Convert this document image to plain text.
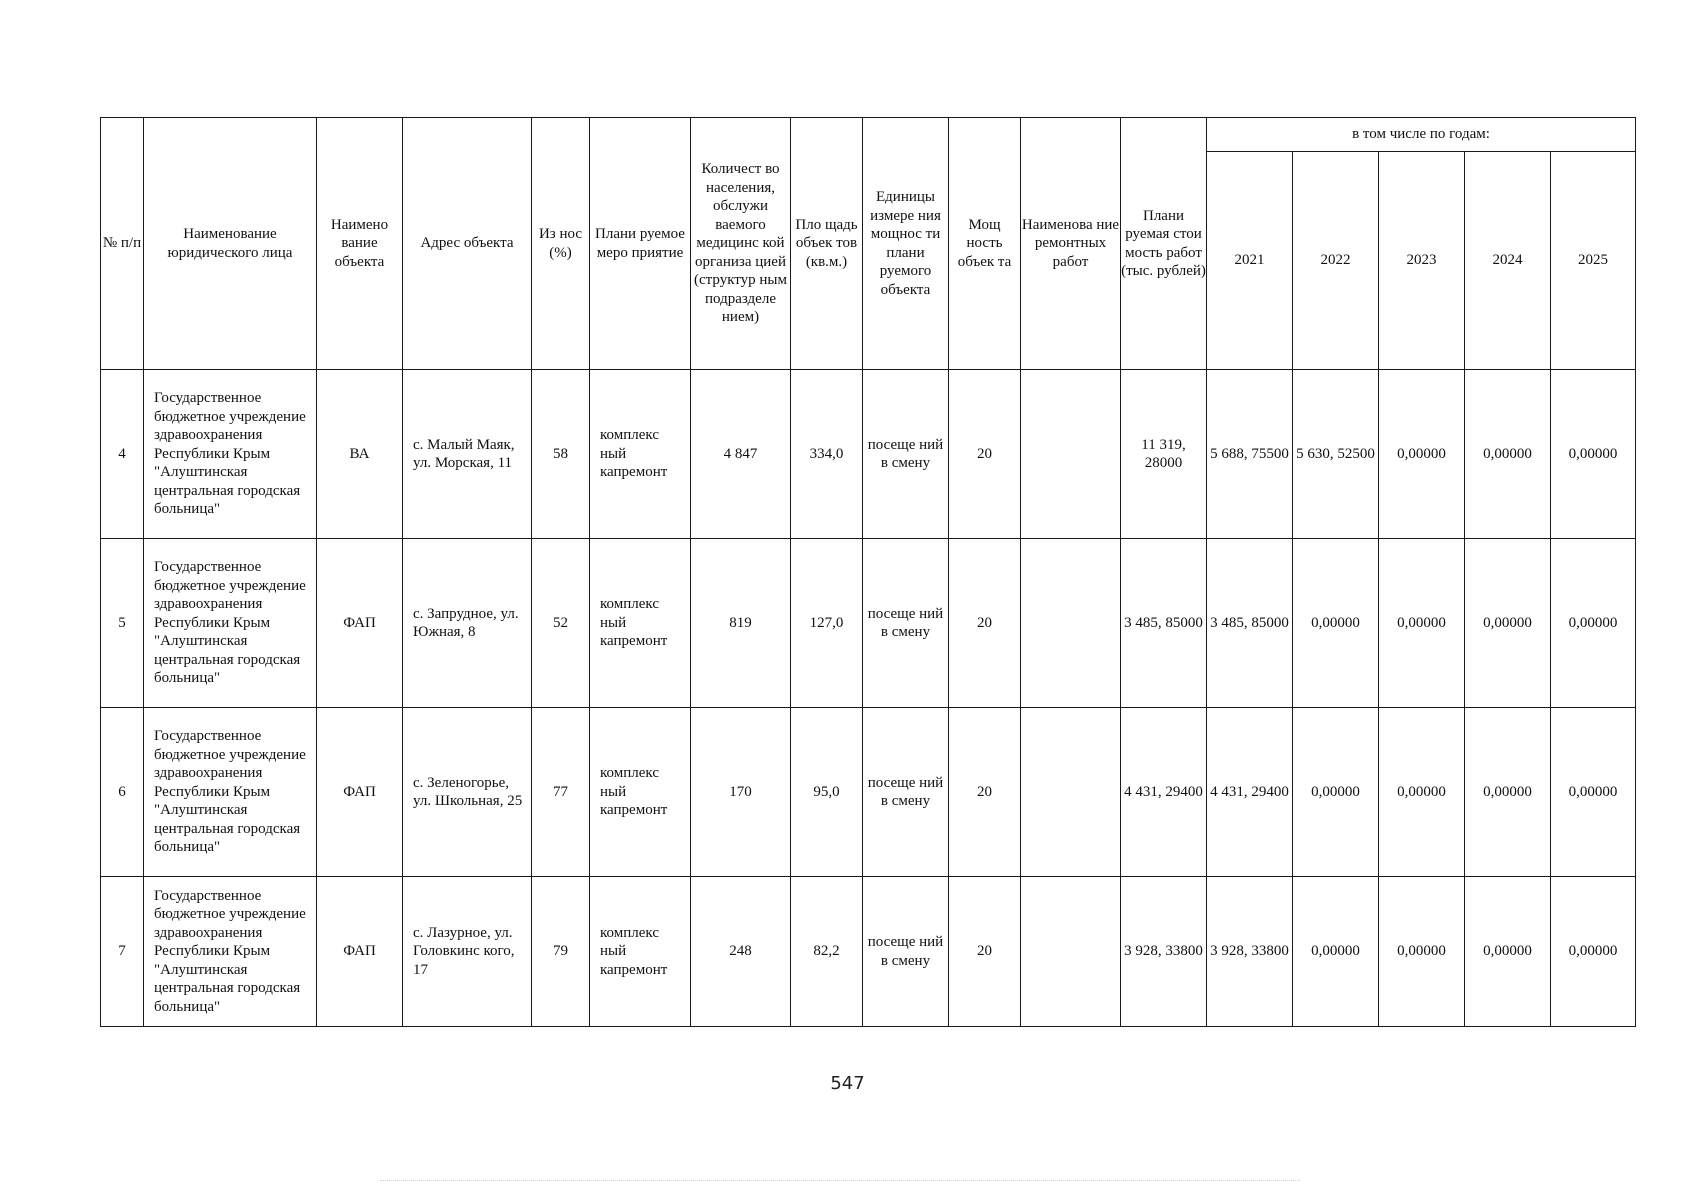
№ п/п	Наименование юридического лица	Наимено вание объекта	Адрес объекта	Из нос (%)	Плани руемое меро приятие	Количест во населения, обслужи ваемого медицинс кой организа цией (структур ным подразделе нием)	Пло щадь объек тов (кв.м.)	Единицы измере ния мощнос ти плани руемого объекта	Мощ ность объек та	Наименова ние ремонтных работ	Плани руемая стои мость работ (тыс. рублей)	в том числе по годам:				
												2021	2022	2023	2024	2025
4	Государственное бюджетное учреждение здравоохранения Республики Крым "Алуштинская центральная городская больница"	ВА	с. Малый Маяк, ул. Морская, 11	58	комплекс ный капремонт	4 847	334,0	посеще ний в смену	20		11 319, 28000	5 688, 75500	5 630, 52500	0,00000	0,00000	0,00000
5	Государственное бюджетное учреждение здравоохранения Республики Крым "Алуштинская центральная городская больница"	ФАП	с. Запрудное, ул. Южная, 8	52	комплекс ный капремонт	819	127,0	посеще ний в смену	20		3 485, 85000	3 485, 85000	0,00000	0,00000	0,00000	0,00000
6	Государственное бюджетное учреждение здравоохранения Республики Крым "Алуштинская центральная городская больница"	ФАП	с. Зеленогорье, ул. Школьная, 25	77	комплекс ный капремонт	170	95,0	посеще ний в смену	20		4 431, 29400	4 431, 29400	0,00000	0,00000	0,00000	0,00000
7	Государственное бюджетное учреждение здравоохранения Республики Крым "Алуштинская центральная городская больница"	ФАП	с. Лазурное, ул. Головкинс кого, 17	79	комплекс ный капремонт	248	82,2	посеще ний в смену	20		3 928, 33800	3 928, 33800	0,00000	0,00000	0,00000	0,00000
547
